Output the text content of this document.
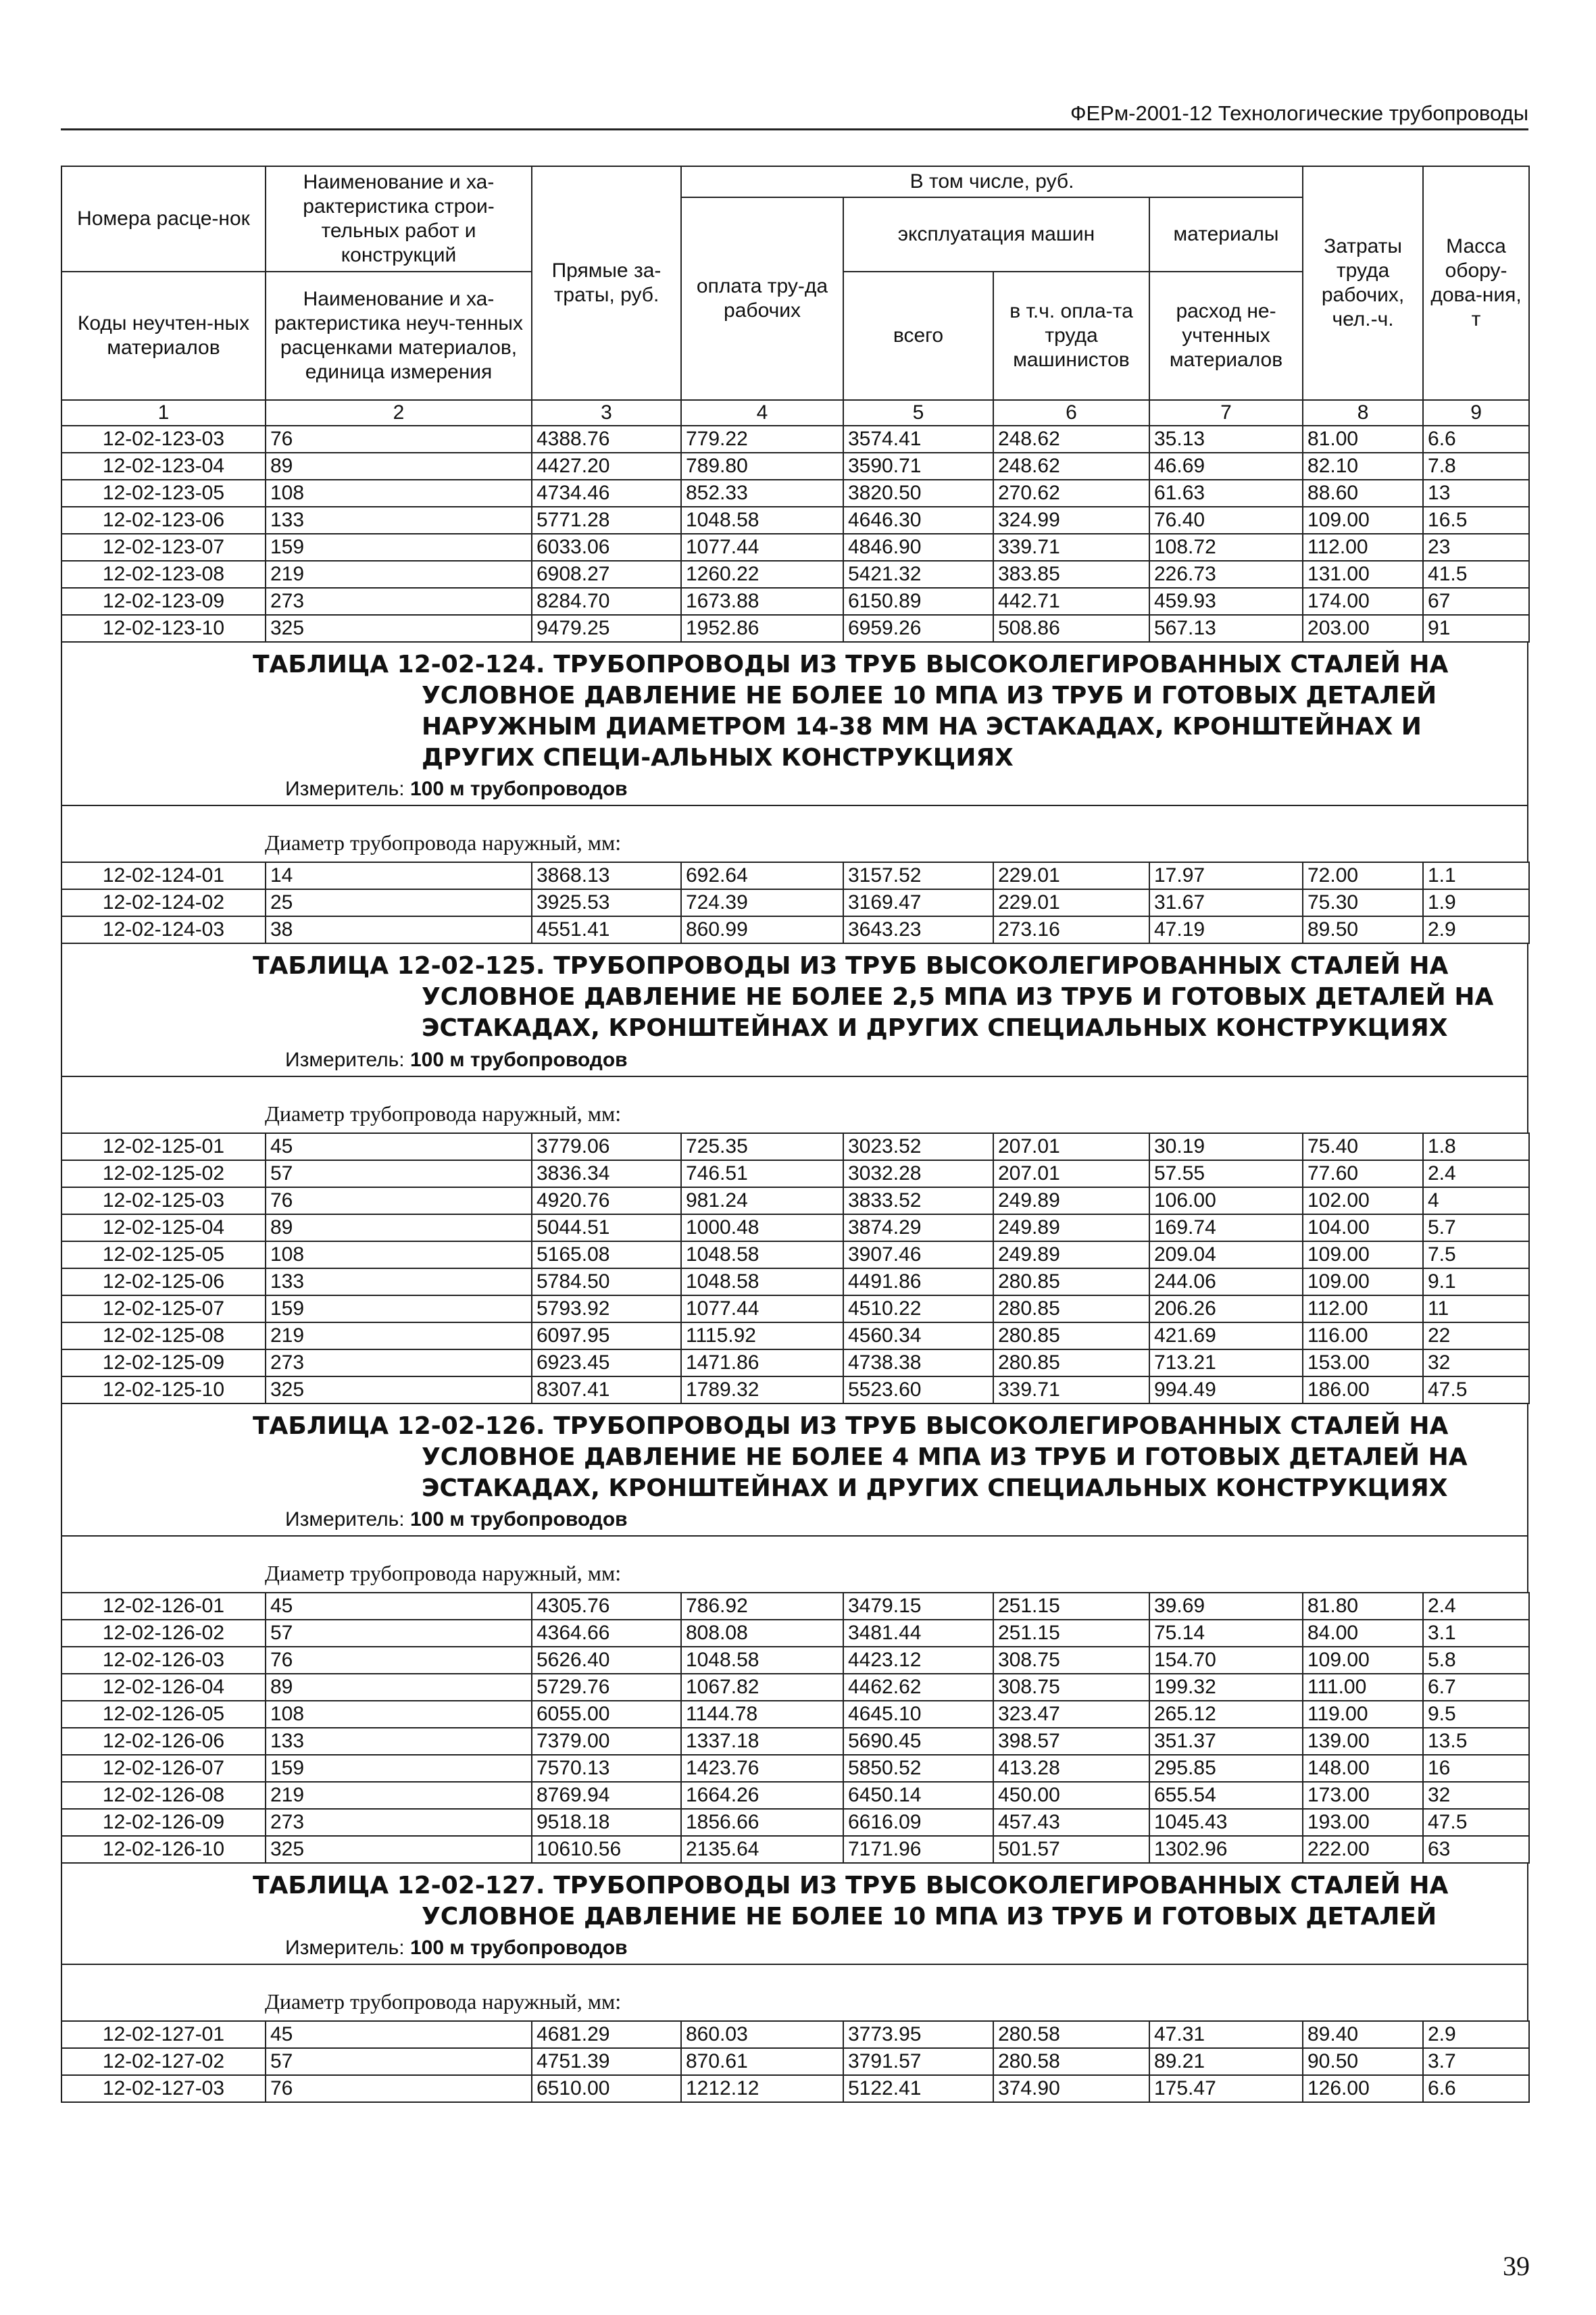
ФЕРм-2001-12 Технологические трубопроводы
Номера расце-нок	Наименование и ха-рактеристика строи-тельных работ и конструкций	Прямые за-траты, руб.	В том числе, руб.				Затраты труда рабочих, чел.-ч.	Масса обору-дова-ния, т
			оплата тру-да рабочих	эксплуатация машин		материалы		
Коды неучтен-ных материалов	Наименование и ха-рактеристика неуч-тенных расценками материалов, единица измерения			всего	в т.ч. опла-та труда машинистов	расход не-учтенных материалов		

1	2	3	4	5	6	7	8	9
12-02-123-03	76	4388.76	779.22	3574.41	248.62	35.13	81.00	6.6
12-02-123-04	89	4427.20	789.80	3590.71	248.62	46.69	82.10	7.8
12-02-123-05	108	4734.46	852.33	3820.50	270.62	61.63	88.60	13
12-02-123-06	133	5771.28	1048.58	4646.30	324.99	76.40	109.00	16.5
12-02-123-07	159	6033.06	1077.44	4846.90	339.71	108.72	112.00	23
12-02-123-08	219	6908.27	1260.22	5421.32	383.85	226.73	131.00	41.5
12-02-123-09	273	8284.70	1673.88	6150.89	442.71	459.93	174.00	67
12-02-123-10	325	9479.25	1952.86	6959.26	508.86	567.13	203.00	91
ТАБЛИЦА 12-02-124. ТРУБОПРОВОДЫ ИЗ ТРУБ ВЫСОКОЛЕГИРОВАННЫХ СТАЛЕЙ НА УСЛОВНОЕ ДАВЛЕНИЕ НЕ БОЛЕЕ 10 МПА ИЗ ТРУБ И ГОТОВЫХ ДЕТАЛЕЙ НАРУЖНЫМ ДИАМЕТРОМ 14-38 ММ НА ЭСТАКАДАХ, КРОНШТЕЙНАХ И ДРУГИХ СПЕЦИ-АЛЬНЫХ КОНСТРУКЦИЯХ
Измеритель: 100 м трубопроводов
Диаметр трубопровода наружный, мм:
12-02-124-01	14	3868.13	692.64	3157.52	229.01	17.97	72.00	1.1
12-02-124-02	25	3925.53	724.39	3169.47	229.01	31.67	75.30	1.9
12-02-124-03	38	4551.41	860.99	3643.23	273.16	47.19	89.50	2.9
ТАБЛИЦА 12-02-125. ТРУБОПРОВОДЫ ИЗ ТРУБ ВЫСОКОЛЕГИРОВАННЫХ СТАЛЕЙ НА УСЛОВНОЕ ДАВЛЕНИЕ НЕ БОЛЕЕ 2,5 МПА ИЗ ТРУБ И ГОТОВЫХ ДЕТАЛЕЙ НА ЭСТАКАДАХ, КРОНШТЕЙНАХ И ДРУГИХ СПЕЦИАЛЬНЫХ КОНСТРУКЦИЯХ
Измеритель: 100 м трубопроводов
Диаметр трубопровода наружный, мм:
12-02-125-01	45	3779.06	725.35	3023.52	207.01	30.19	75.40	1.8
12-02-125-02	57	3836.34	746.51	3032.28	207.01	57.55	77.60	2.4
12-02-125-03	76	4920.76	981.24	3833.52	249.89	106.00	102.00	4
12-02-125-04	89	5044.51	1000.48	3874.29	249.89	169.74	104.00	5.7
12-02-125-05	108	5165.08	1048.58	3907.46	249.89	209.04	109.00	7.5
12-02-125-06	133	5784.50	1048.58	4491.86	280.85	244.06	109.00	9.1
12-02-125-07	159	5793.92	1077.44	4510.22	280.85	206.26	112.00	11
12-02-125-08	219	6097.95	1115.92	4560.34	280.85	421.69	116.00	22
12-02-125-09	273	6923.45	1471.86	4738.38	280.85	713.21	153.00	32
12-02-125-10	325	8307.41	1789.32	5523.60	339.71	994.49	186.00	47.5
ТАБЛИЦА 12-02-126. ТРУБОПРОВОДЫ ИЗ ТРУБ ВЫСОКОЛЕГИРОВАННЫХ СТАЛЕЙ НА УСЛОВНОЕ ДАВЛЕНИЕ НЕ БОЛЕЕ 4 МПА ИЗ ТРУБ И ГОТОВЫХ ДЕТАЛЕЙ НА ЭСТАКАДАХ, КРОНШТЕЙНАХ И ДРУГИХ СПЕЦИАЛЬНЫХ КОНСТРУКЦИЯХ
Измеритель: 100 м трубопроводов
Диаметр трубопровода наружный, мм:
12-02-126-01	45	4305.76	786.92	3479.15	251.15	39.69	81.80	2.4
12-02-126-02	57	4364.66	808.08	3481.44	251.15	75.14	84.00	3.1
12-02-126-03	76	5626.40	1048.58	4423.12	308.75	154.70	109.00	5.8
12-02-126-04	89	5729.76	1067.82	4462.62	308.75	199.32	111.00	6.7
12-02-126-05	108	6055.00	1144.78	4645.10	323.47	265.12	119.00	9.5
12-02-126-06	133	7379.00	1337.18	5690.45	398.57	351.37	139.00	13.5
12-02-126-07	159	7570.13	1423.76	5850.52	413.28	295.85	148.00	16
12-02-126-08	219	8769.94	1664.26	6450.14	450.00	655.54	173.00	32
12-02-126-09	273	9518.18	1856.66	6616.09	457.43	1045.43	193.00	47.5
12-02-126-10	325	10610.56	2135.64	7171.96	501.57	1302.96	222.00	63
ТАБЛИЦА 12-02-127. ТРУБОПРОВОДЫ ИЗ ТРУБ ВЫСОКОЛЕГИРОВАННЫХ СТАЛЕЙ НА УСЛОВНОЕ ДАВЛЕНИЕ НЕ БОЛЕЕ 10 МПА ИЗ ТРУБ И ГОТОВЫХ ДЕТАЛЕЙ
Измеритель: 100 м трубопроводов
Диаметр трубопровода наружный, мм:
12-02-127-01	45	4681.29	860.03	3773.95	280.58	47.31	89.40	2.9
12-02-127-02	57	4751.39	870.61	3791.57	280.58	89.21	90.50	3.7
12-02-127-03	76	6510.00	1212.12	5122.41	374.90	175.47	126.00	6.6
39
